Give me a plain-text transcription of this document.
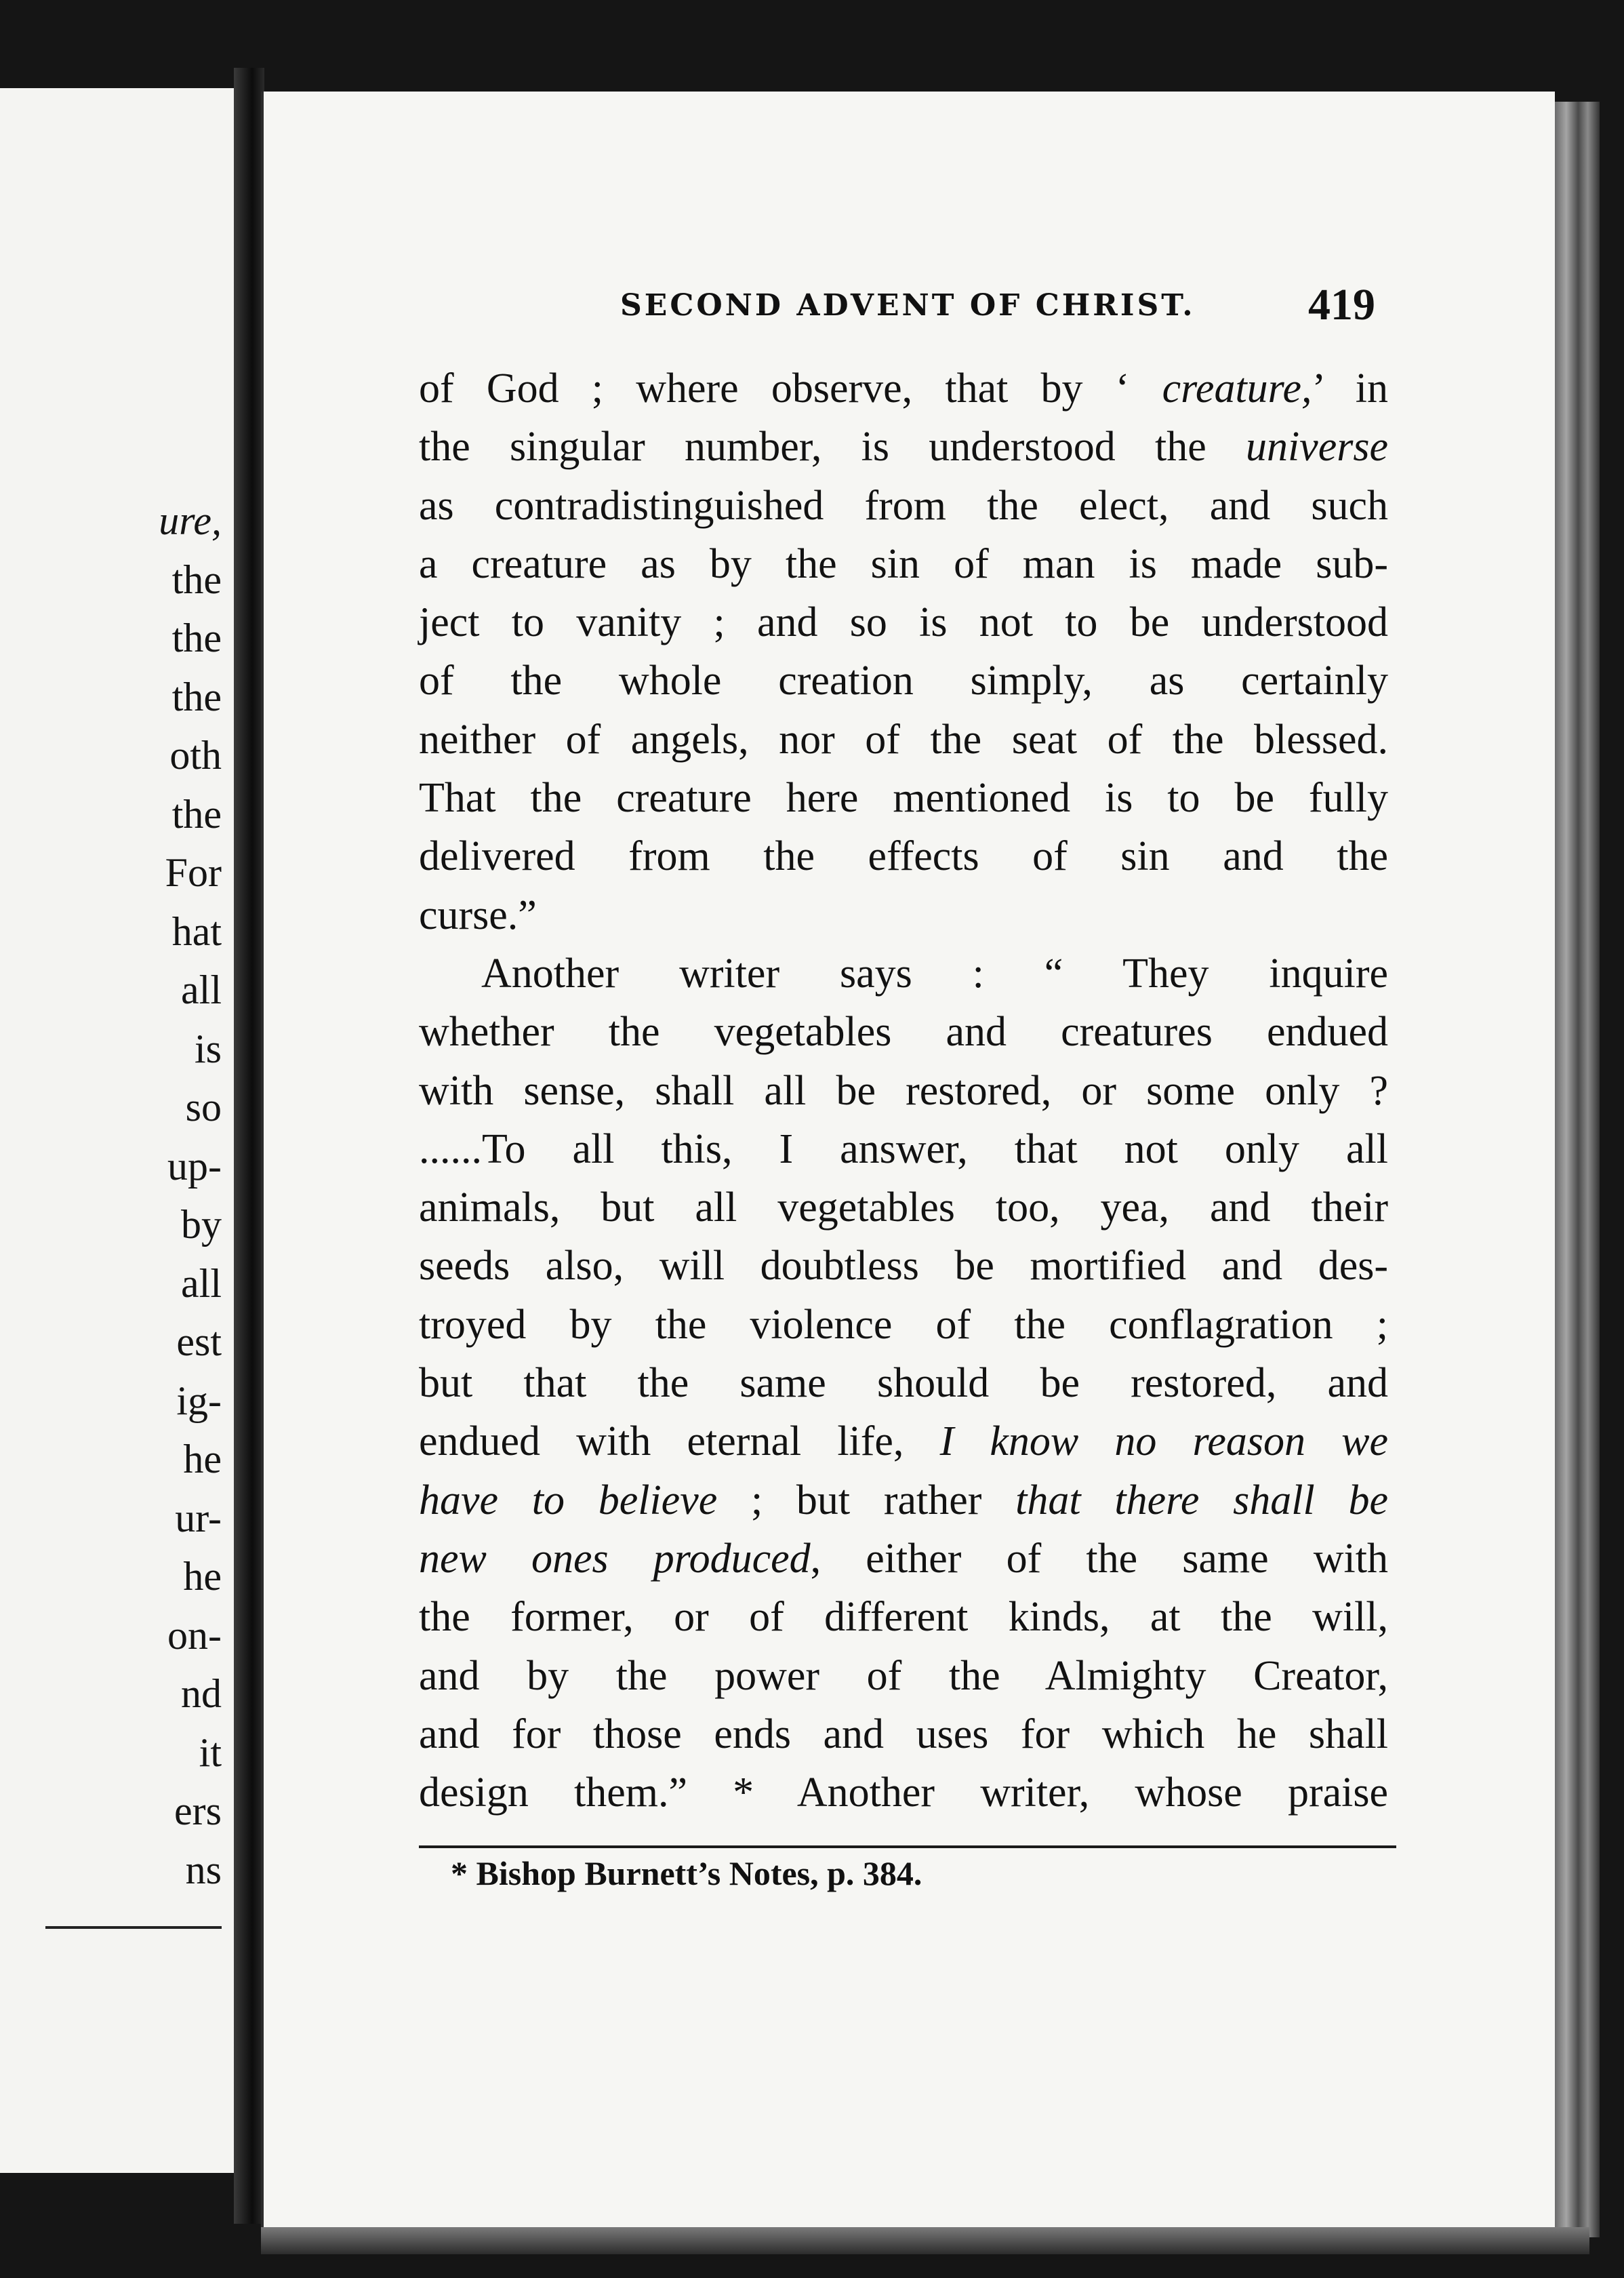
ure,
the
the
the
oth
the
For
hat
all
is
so
up-
by
all
est
ig-
he
ur-
he
on-
nd
it
ers
ns
SECOND ADVENT OF CHRIST.	419
of God ; where observe, that by ‘ creature,’ in
the singular number, is understood the universe
as contradistinguished from the elect, and such
a creature as by the sin of man is made sub-
ject to vanity ; and so is not to be understood
of the whole creation simply, as certainly
neither of angels, nor of the seat of the blessed.
That the creature here mentioned is to be fully
delivered from the effects of sin and the
curse.”
Another writer says : “ They inquire
whether the vegetables and creatures endued
with sense, shall all be restored, or some only ?
......To all this, I answer, that not only all
animals, but all vegetables too, yea, and their
seeds also, will doubtless be mortified and des-
troyed by the violence of the conflagration ;
but that the same should be restored, and
endued with eternal life, I know no reason we
have to believe ; but rather that there shall be
new ones produced, either of the same with
the former, or of different kinds, at the will,
and by the power of the Almighty Creator,
and for those ends and uses for which he shall
design them.” * Another writer, whose praise
* Bishop Burnett’s Notes, p. 384.
